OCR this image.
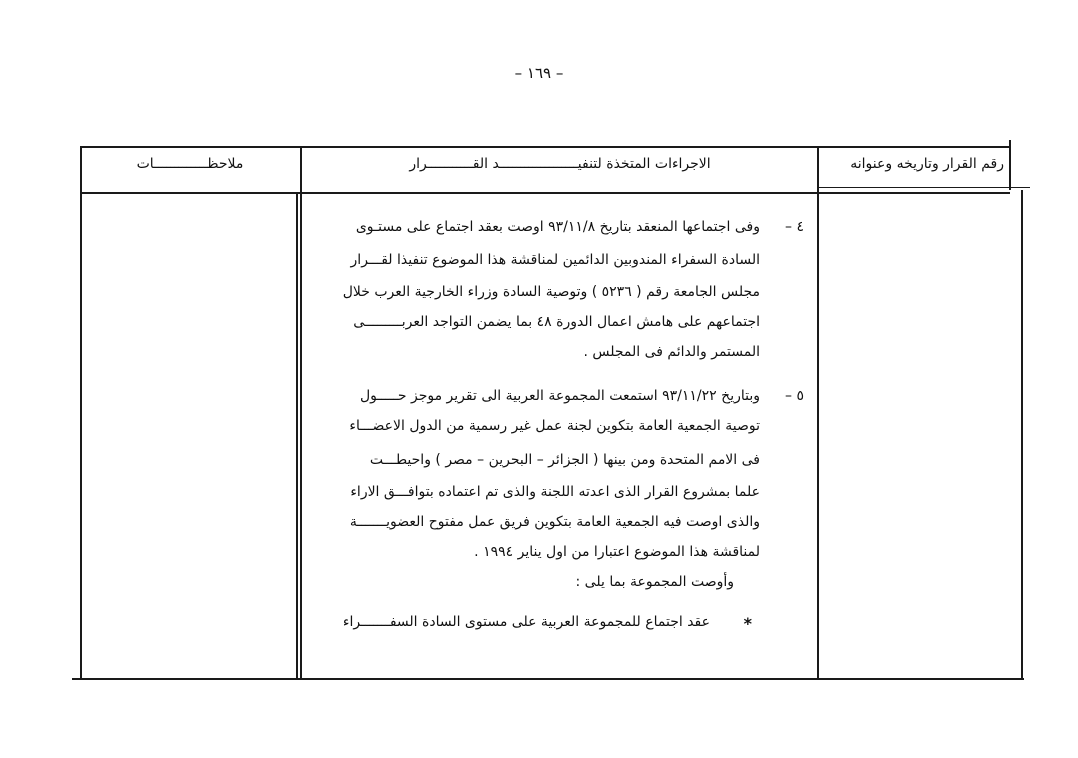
– ١٦٩ –
رقم القرار وتاريخه وعنوانه
الاجراءات المتخذة لتنفيـــــــــــــــــــد القـــــــــــرار
ملاحظـــــــــــــات
٤ –
وفى اجتماعها المنعقد بتاريخ ٩٣/١١/٨ اوصت بعقد اجتماع على مستـوى
السادة السفراء المندوبين الدائمين لمناقشة هذا الموضوع تنفيذا لقـــرار
مجلس الجامعة رقم ( ٥٢٣٦ ) وتوصية السادة وزراء الخارجية العرب خلال
اجتماعهم على هامش اعمال الدورة ٤٨ بما يضمن التواجد العربـــــــــى
المستمر والدائم فى المجلس .
٥ –
وبتاريخ ٩٣/١١/٢٢ استمعت المجموعة العربية الى تقرير موجز حـــــول
توصية الجمعية العامة بتكوين لجنة عمل غير رسمية من الدول الاعضـــاء
فى الامم المتحدة ومن بينها ( الجزائر – البحرين – مصر ) واحيطـــت
علما بمشروع القرار الذى اعدته اللجنة والذى تم اعتماده بتوافـــق الاراء
والذى اوصت فيه الجمعية العامة بتكوين فريق عمل مفتوح العضويـــــــة
لمناقشة هذا الموضوع اعتبارا من اول يناير ١٩٩٤ .
وأوصت المجموعة بما يلى :
*
عقد اجتماع للمجموعة العربية على مستوى السادة السفـــــــراء
